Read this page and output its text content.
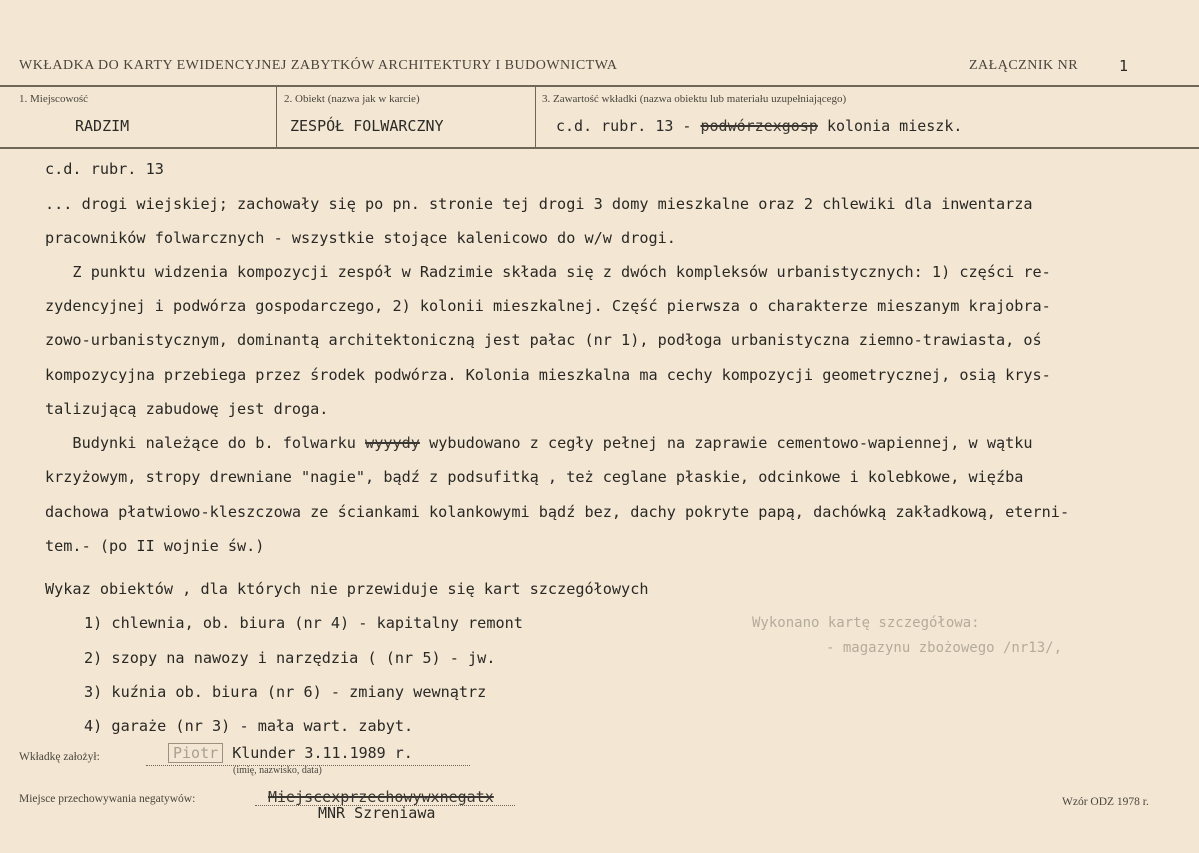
WKŁADKA DO KARTY EWIDENCYJNEJ ZABYTKÓW ARCHITEKTURY I BUDOWNICTWA	ZAŁĄCZNIK NR	1
1. Miejscowość
RADZIM
2. Obiekt (nazwa jak w karcie)
ZESPÓŁ FOLWARCZNY
3. Zawartość wkładki (nazwa obiektu lub materiału uzupełniającego)
c.d. rubr. 13 - podwórzexgosp kolonia mieszk.
c.d. rubr. 13
... drogi wiejskiej; zachowały się po pn. stronie tej drogi 3 domy mieszkalne oraz 2 chlewiki dla inwentarza
pracowników folwarcznych - wszystkie stojące kalenicowo do w/w drogi.
Z punktu widzenia kompozycji zespół w Radzimie składa się z dwóch kompleksów urbanistycznych: 1) części re-
zydencyjnej i podwórza gospodarczego, 2) kolonii mieszkalnej. Część pierwsza o charakterze mieszanym krajobra-
zowo-urbanistycznym, dominantą architektoniczną jest pałac (nr 1), podłoga urbanistyczna ziemno-trawiasta, oś
kompozycyjna przebiega przez środek podwórza. Kolonia mieszkalna ma cechy kompozycji geometrycznej, osią krys-
talizującą zabudowę jest droga.
Budynki należące do b. folwarku wyyydy wybudowano z cegły pełnej na zaprawie cementowo-wapiennej, w wątku
krzyżowym, stropy drewniane "nagie", bądź z podsufitką , też ceglane płaskie, odcinkowe i kolebkowe, więźba
dachowa płatwiowo-kleszczowa ze ściankami kolankowymi bądź bez, dachy pokryte papą, dachówką zakładkową, eterni-
tem.- (po II wojnie św.)
Wykaz obiektów , dla których nie przewiduje się kart szczegółowych
1) chlewnia, ob. biura (nr 4) - kapitalny remont
2) szopy na nawozy i narzędzia ( (nr 5) - jw.
3) kuźnia ob. biura (nr 6) - zmiany wewnątrz
4) garaże (nr 3) - mała wart. zabyt.
Wykonano kartę szczegółowa:
- magazynu zbożowego /nr13/,
Wkładkę założył:	Piotr Klunder 3.11.1989 r.
(imię, nazwisko, data)
Miejsce przechowywania negatywów:	Miejscexprzechowywxnegatx
MNR Szreniawa
Wzór ODZ 1978 r.
